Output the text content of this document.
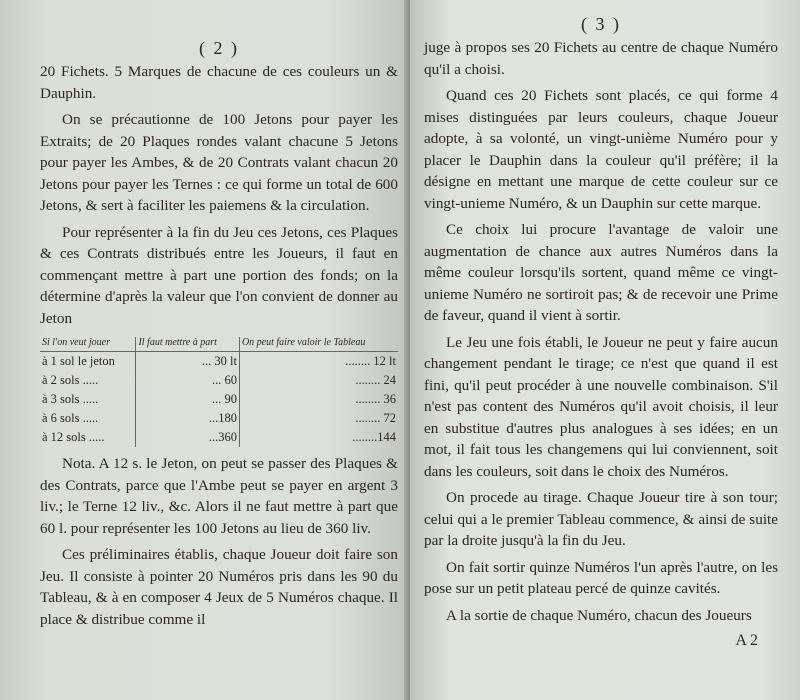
( 2 )

20 Fichets. 5 Marques de chacune de ces couleurs un & Dauphin.

On se précautionne de 100 Jetons pour payer les Extraits; de 20 Plaques rondes valant chacune 5 Jetons pour payer les Ambes, & de 20 Contrats valant chacun 20 Jetons pour payer les Ternes : ce qui forme un total de 600 Jetons, & sert à faciliter les paiemens & la circulation.

Pour représenter à la fin du Jeu ces Jetons, ces Plaques & ces Contrats distribués entre les Joueurs, il faut en commençant mettre à part une portion des fonds; on la détermine d'après la valeur que l'on convient de donner au Jeton

Si l'on veut jouer	Il faut mettre à part	On peut faire valoir le Tableau
à 1 sol le jeton	... 30 lt	........ 12 lt
à 2 sols .....	... 60	........ 24
à 3 sols .....	... 90	........ 36
à 6 sols .....	...180	........ 72
à 12 sols .....	...360	........144

Nota. A 12 s. le Jeton, on peut se passer des Plaques & des Contrats, parce que l'Ambe peut se payer en argent 3 liv.; le Terne 12 liv., &c. Alors il ne faut mettre à part que 60 l. pour représenter les 100 Jetons au lieu de 360 liv.

Ces préliminaires établis, chaque Joueur doit faire son Jeu. Il consiste à pointer 20 Numéros pris dans les 90 du Tableau, & à en composer 4 Jeux de 5 Numéros chaque. Il place & distribue comme il

( 3 )

juge à propos ses 20 Fichets au centre de chaque Numéro qu'il a choisi.

Quand ces 20 Fichets sont placés, ce qui forme 4 mises distinguées par leurs couleurs, chaque Joueur adopte, à sa volonté, un vingt-unième Numéro pour y placer le Dauphin dans la couleur qu'il préfère; il la désigne en mettant une marque de cette couleur sur ce vingt-unieme Numéro, & un Dauphin sur cette marque.

Ce choix lui procure l'avantage de valoir une augmentation de chance aux autres Numéros dans la même couleur lorsqu'ils sortent, quand même ce vingt-unieme Numéro ne sortiroit pas; & de recevoir une Prime de faveur, quand il vient à sortir.

Le Jeu une fois établi, le Joueur ne peut y faire aucun changement pendant le tirage; ce n'est que quand il est fini, qu'il peut procéder à une nouvelle combinaison. S'il n'est pas content des Numéros qu'il avoit choisis, il leur en substitue d'autres plus analogues à ses idées; en un mot, il fait tous les changemens qui lui conviennent, soit dans les couleurs, soit dans le choix des Numéros.

On procede au tirage. Chaque Joueur tire à son tour; celui qui a le premier Tableau commence, & ainsi de suite par la droite jusqu'à la fin du Jeu.

On fait sortir quinze Numéros l'un après l'autre, on les pose sur un petit plateau percé de quinze cavités.

A la sortie de chaque Numéro, chacun des Joueurs

A 2
